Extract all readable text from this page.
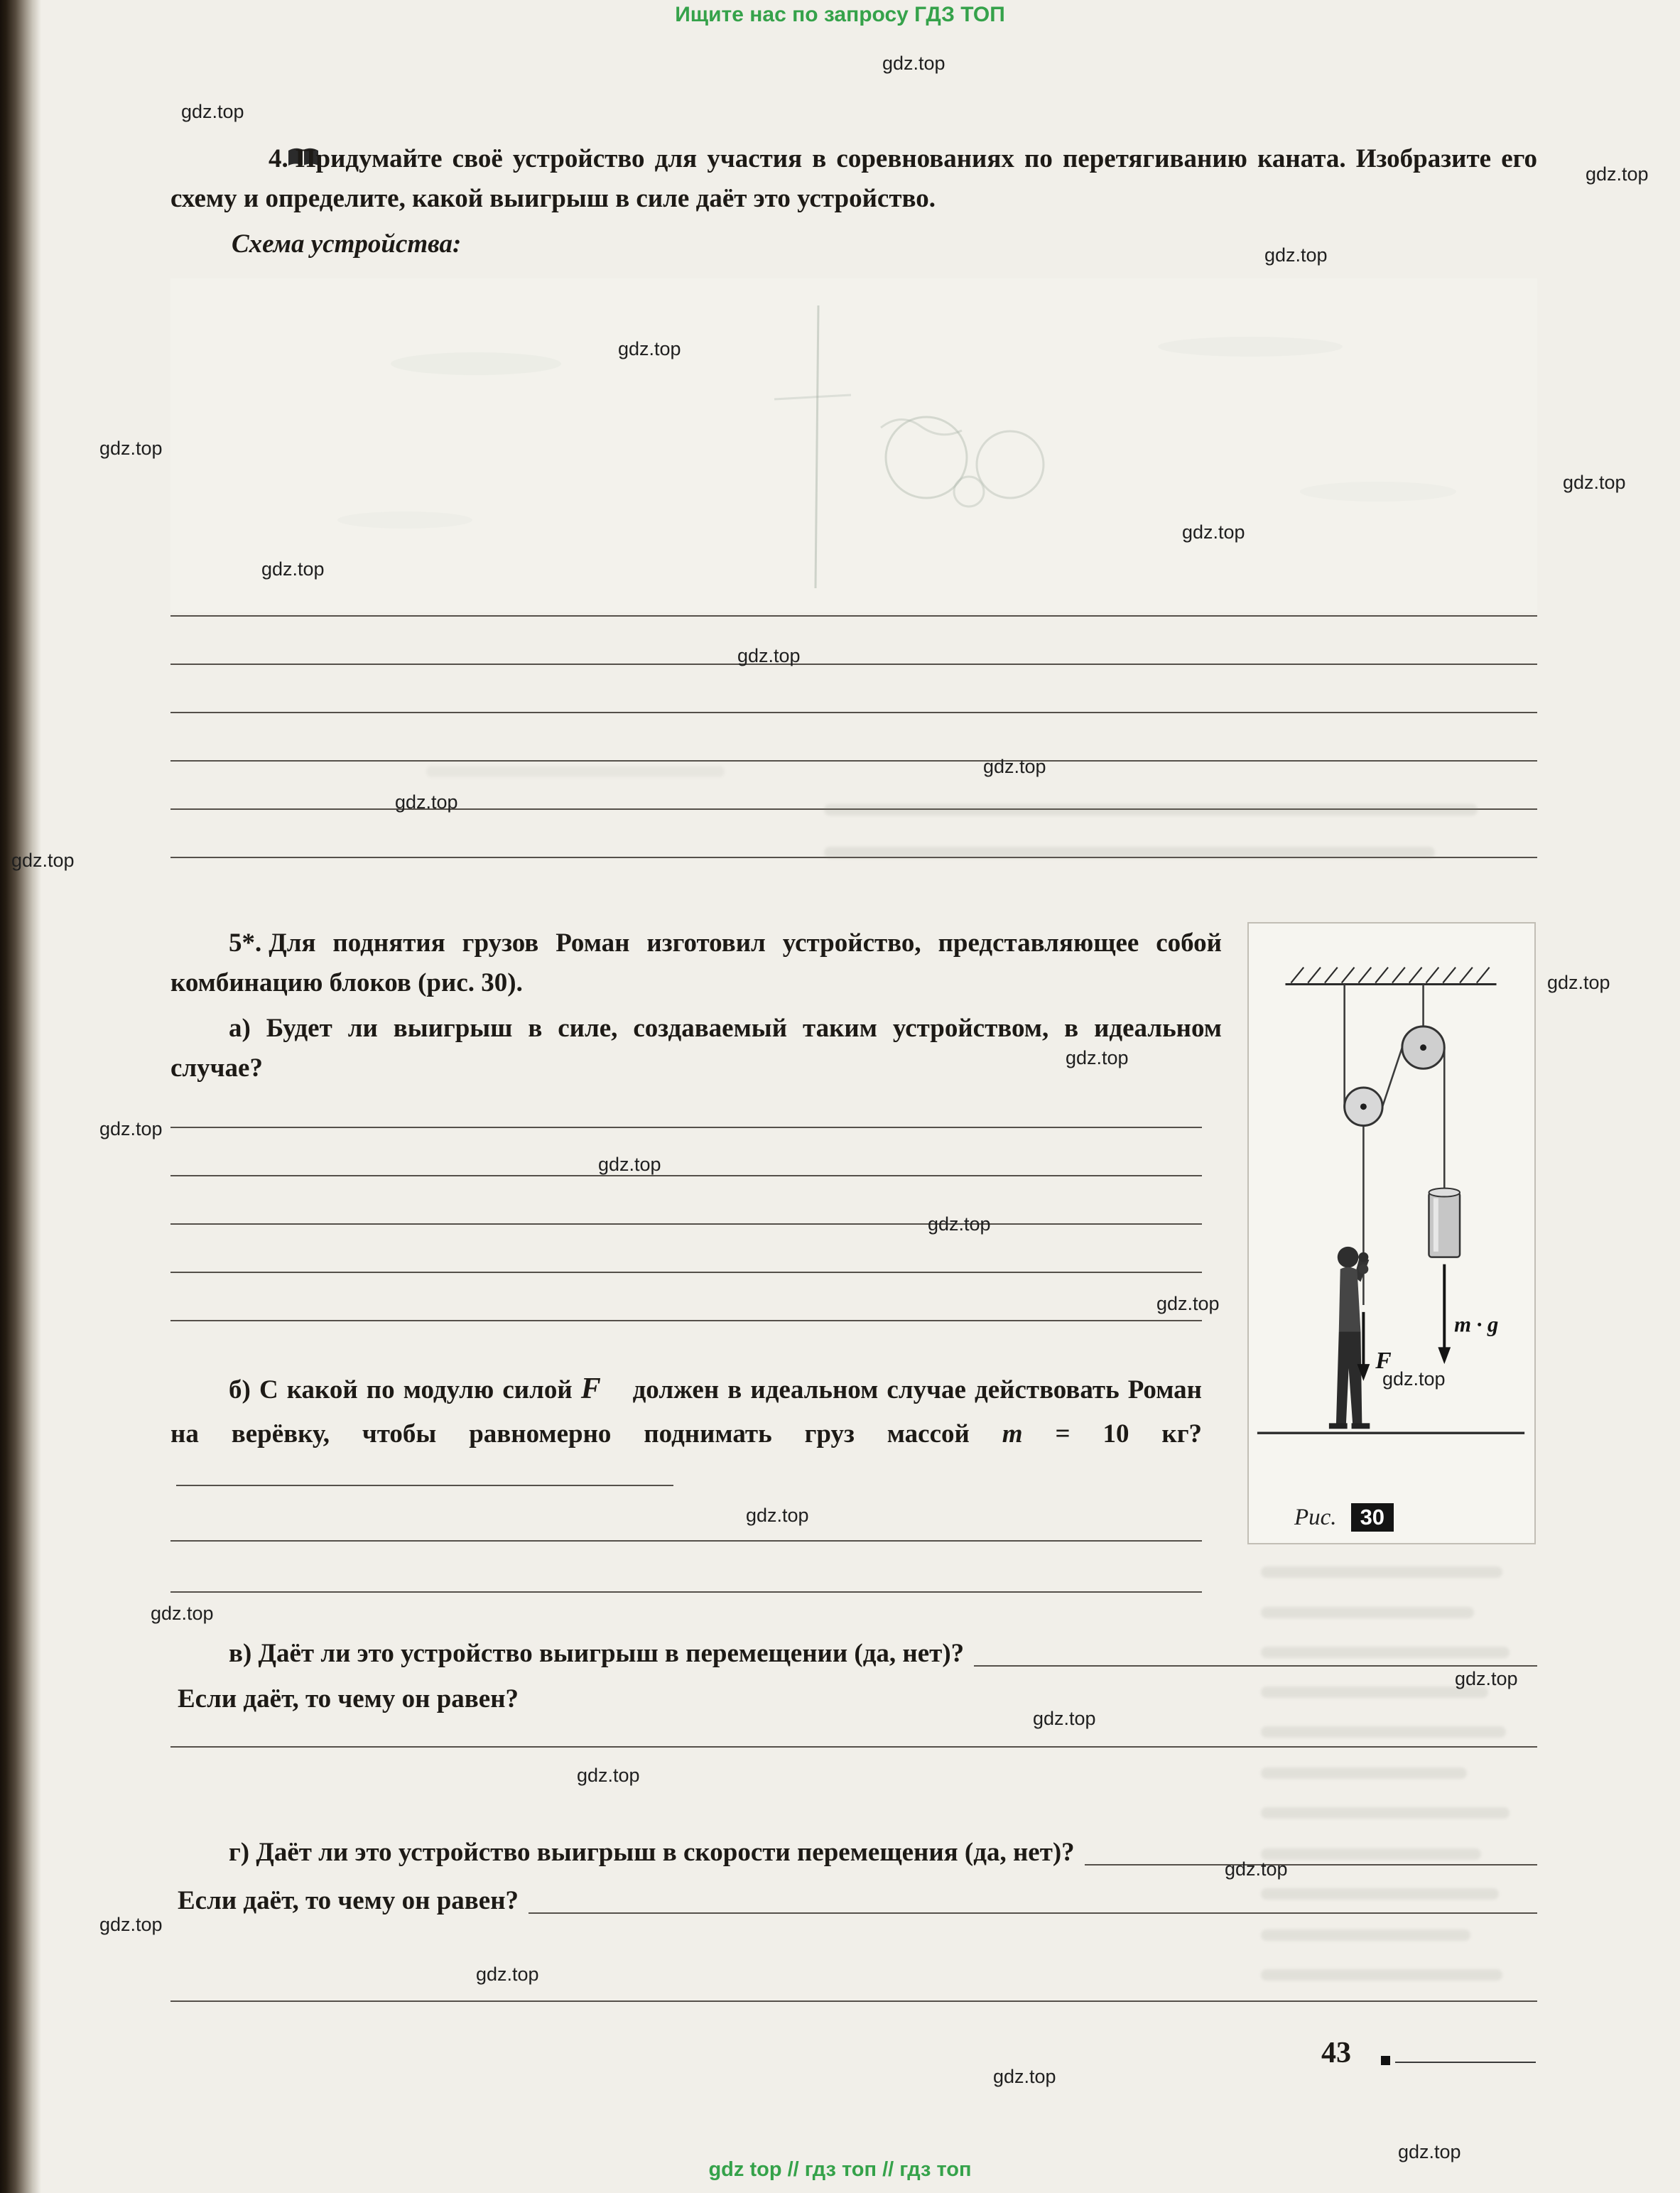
Ищите нас по запросу ГДЗ ТОП
gdz.top
gdz.top
gdz.top
gdz.top
gdz.top
gdz.top
gdz.top
gdz.top
gdz.top
gdz.top
gdz.top
gdz.top
gdz.top
gdz.top
gdz.top
gdz.top
gdz.top
gdz.top
gdz.top
gdz.top
gdz.top
gdz.top
gdz.top
gdz.top
gdz.top
gdz.top
gdz.top
gdz.top
gdz.top
gdz.top

4. Придумайте своё устройство для участия в соревнованиях по перетягиванию каната. Изобразите его схему и определите, какой выигрыш в силе даёт это устройство.

Схема устройства:

5*. Для поднятия грузов Роман изготовил устройство, представляющее собой комбинацию блоков (рис. 30).

а) Будет ли выигрыш в силе, создаваемый таким устройством, в идеальном случае?

б) С какой по модулю силой F⃗ должен в идеальном случае действовать Роман на верёвку, чтобы равномерно поднимать груз массой m = 10 кг?

в) Даёт ли это устройство выигрыш в перемещении (да, нет)?

Если даёт, то чему он равен?

г) Даёт ли это устройство выигрыш в скорости перемещения (да, нет)?
Если даёт, то чему он равен?
m · g⃗
F⃗
Рис.	30
43
gdz top // гдз топ // гдз топ
